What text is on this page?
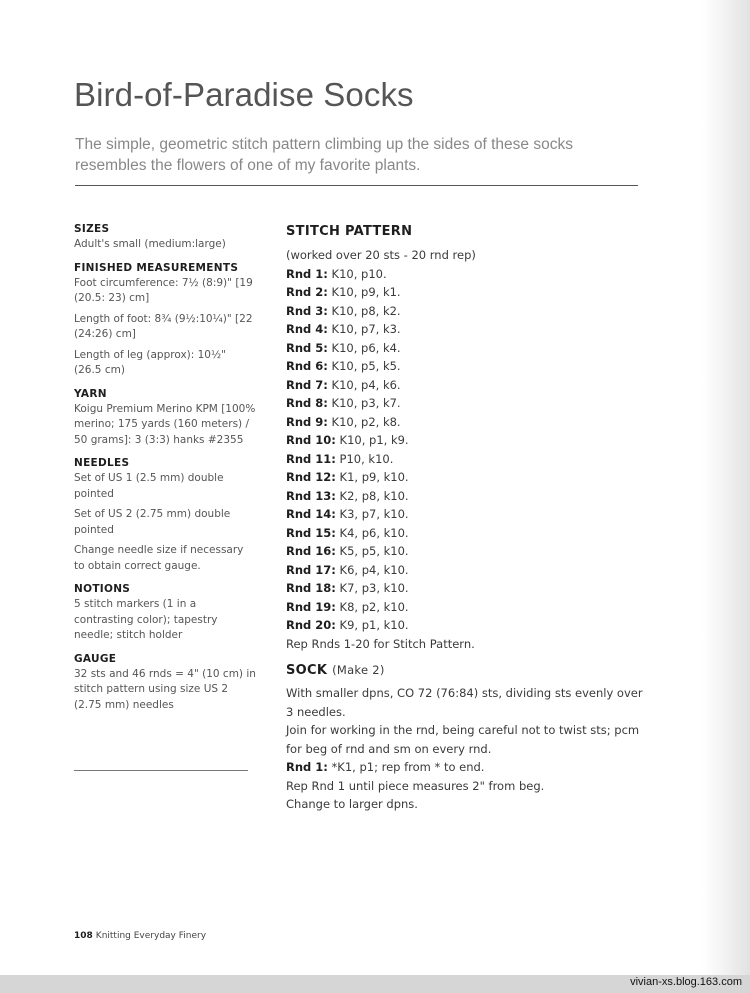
Bird-of-Paradise Socks

The simple, geometric stitch pattern climbing up the sides of these socks resembles the flowers of one of my favorite plants.

SIZES

Adult's small (medium:large)

FINISHED MEASUREMENTS

Foot circumference: 7½ (8:9)" [19 (20.5: 23) cm]

Length of foot: 8¾ (9½:10¼)" [22 (24:26) cm]

Length of leg (approx): 10½" (26.5 cm)

YARN

Koigu Premium Merino KPM [100% merino; 175 yards (160 meters) / 50 grams]: 3 (3:3) hanks #2355

NEEDLES

Set of US 1 (2.5 mm) double pointed

Set of US 2 (2.75 mm) double pointed

Change needle size if necessary to obtain correct gauge.

NOTIONS

5 stitch markers (1 in a contrasting color); tapestry needle; stitch holder

GAUGE

32 sts and 46 rnds = 4" (10 cm) in stitch pattern using size US 2 (2.75 mm) needles

STITCH PATTERN
(worked over 20 sts - 20 rnd rep)
Rnd 1: K10, p10.
Rnd 2: K10, p9, k1.
Rnd 3: K10, p8, k2.
Rnd 4: K10, p7, k3.
Rnd 5: K10, p6, k4.
Rnd 6: K10, p5, k5.
Rnd 7: K10, p4, k6.
Rnd 8: K10, p3, k7.
Rnd 9: K10, p2, k8.
Rnd 10: K10, p1, k9.
Rnd 11: P10, k10.
Rnd 12: K1, p9, k10.
Rnd 13: K2, p8, k10.
Rnd 14: K3, p7, k10.
Rnd 15: K4, p6, k10.
Rnd 16: K5, p5, k10.
Rnd 17: K6, p4, k10.
Rnd 18: K7, p3, k10.
Rnd 19: K8, p2, k10.
Rnd 20: K9, p1, k10.
Rep Rnds 1-20 for Stitch Pattern.
SOCK (Make 2)
With smaller dpns, CO 72 (76:84) sts, dividing sts evenly over
3 needles.
Join for working in the rnd, being careful not to twist sts; pcm
for beg of rnd and sm on every rnd.
Rnd 1: *K1, p1; rep from * to end.
Rep Rnd 1 until piece measures 2" from beg.
Change to larger dpns.
108 Knitting Everyday Finery
vivian-xs.blog.163.com
